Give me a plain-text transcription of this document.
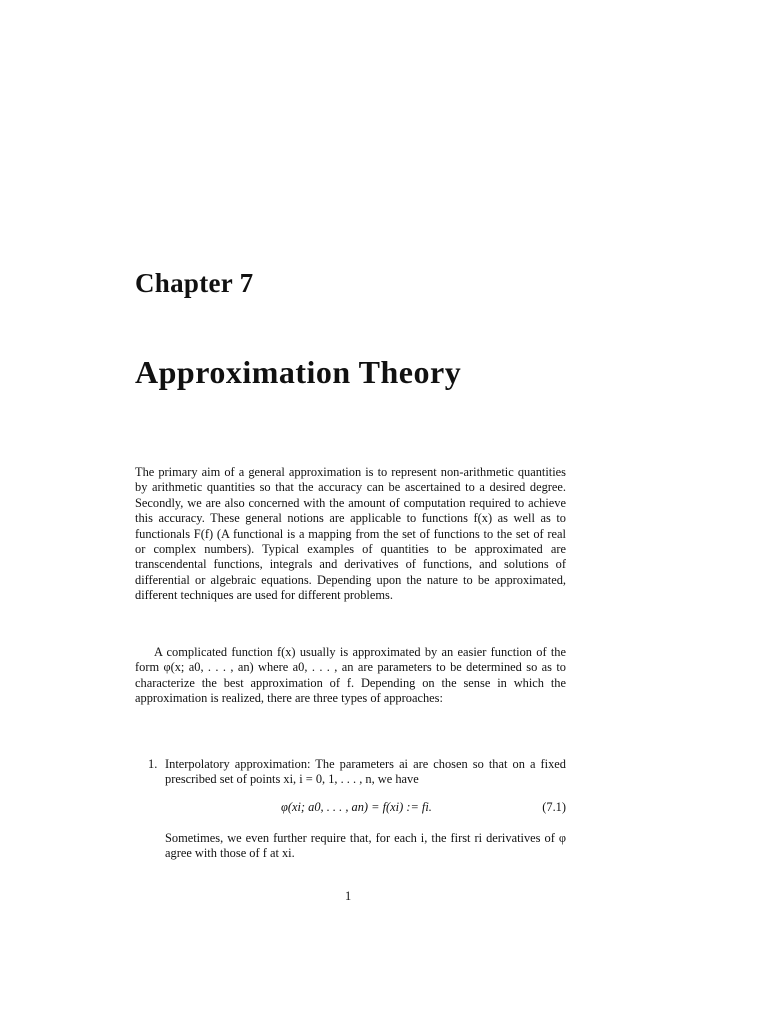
Chapter 7
Approximation Theory
The primary aim of a general approximation is to represent non-arithmetic quantities by arithmetic quantities so that the accuracy can be ascertained to a desired degree. Secondly, we are also concerned with the amount of computation required to achieve this accuracy. These general notions are applicable to functions f(x) as well as to functionals F(f) (A functional is a mapping from the set of functions to the set of real or complex numbers). Typical examples of quantities to be approximated are transcendental functions, integrals and derivatives of functions, and solutions of differential or algebraic equations. Depending upon the nature to be approximated, different techniques are used for different problems.
A complicated function f(x) usually is approximated by an easier function of the form φ(x; a0, . . . , an) where a0, . . . , an are parameters to be determined so as to characterize the best approximation of f. Depending on the sense in which the approximation is realized, there are three types of approaches:
1. Interpolatory approximation: The parameters ai are chosen so that on a fixed prescribed set of points xi, i = 0, 1, . . . , n, we have
φ(xi; a0, . . . , an) = f(xi) := fi.	(7.1)
Sometimes, we even further require that, for each i, the first ri derivatives of φ agree with those of f at xi.
1
